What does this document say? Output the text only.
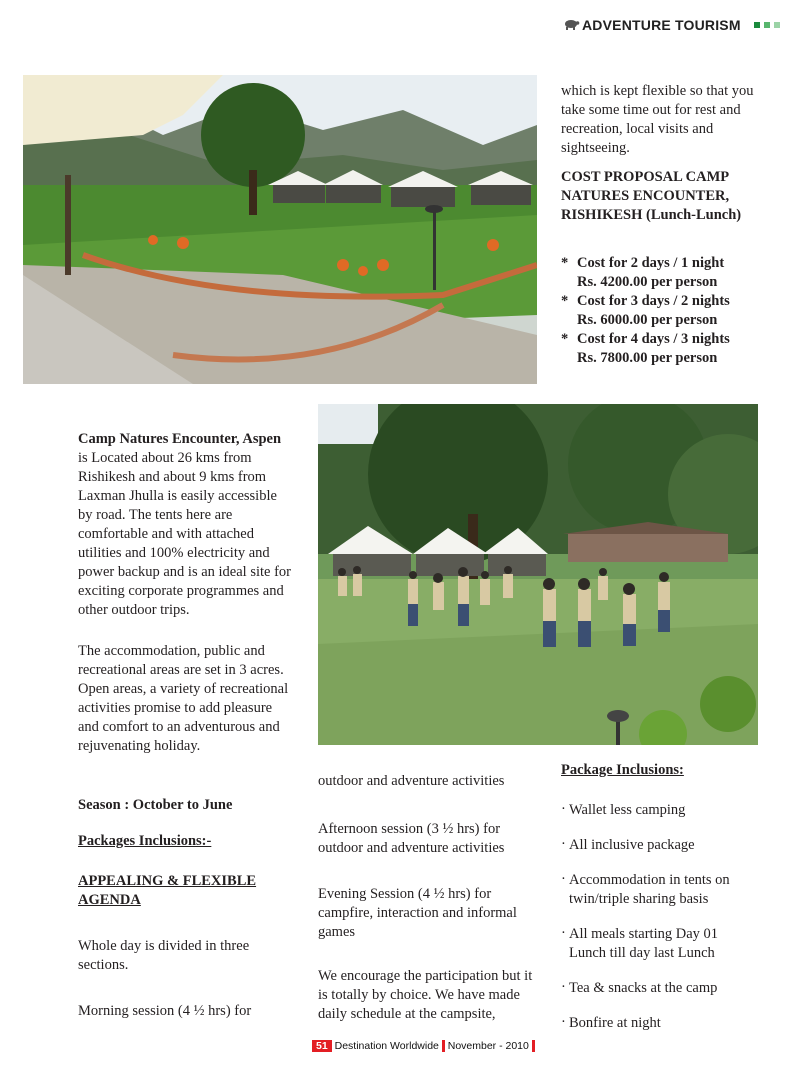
ADVENTURE TOURISM
which is kept flexible so that you take some time out for rest and recreation, local visits and sightseeing.
COST PROPOSAL CAMP NATURES ENCOUNTER, RISHIKESH (Lunch-Lunch)
* Cost for 2 days / 1 night
Rs. 4200.00 per person
* Cost for 3 days / 2 nights
Rs. 6000.00 per person
* Cost for 4 days / 3 nights
Rs. 7800.00 per person
Camp Natures Encounter, Aspen is Located about 26 kms from Rishikesh and about 9 kms from Laxman Jhulla is easily accessible by road. The tents here are comfortable and with attached utilities and 100% electricity and power backup and is an ideal site for exciting corporate programmes and other outdoor trips.
The accommodation, public and recreational areas are set in 3 acres. Open areas, a variety of recreational activities promise to add pleasure and comfort to an adventurous and rejuvenating holiday.
Season : October to June
Packages Inclusions:-
APPEALING & FLEXIBLE AGENDA
Whole day is divided in three sections.
Morning session (4 ½ hrs) for
outdoor and adventure activities
Afternoon session (3 ½ hrs) for outdoor and adventure activities
Evening Session (4 ½ hrs) for campfire, interaction and informal games
We encourage the participation but it is totally by choice. We have made daily schedule at the campsite,
Package Inclusions:
· Wallet less camping
· All inclusive package
· Accommodation in tents on twin/triple sharing basis
· All meals starting Day 01 Lunch till day last Lunch
· Tea & snacks at the camp
· Bonfire at night
51 Destination Worldwide November - 2010
